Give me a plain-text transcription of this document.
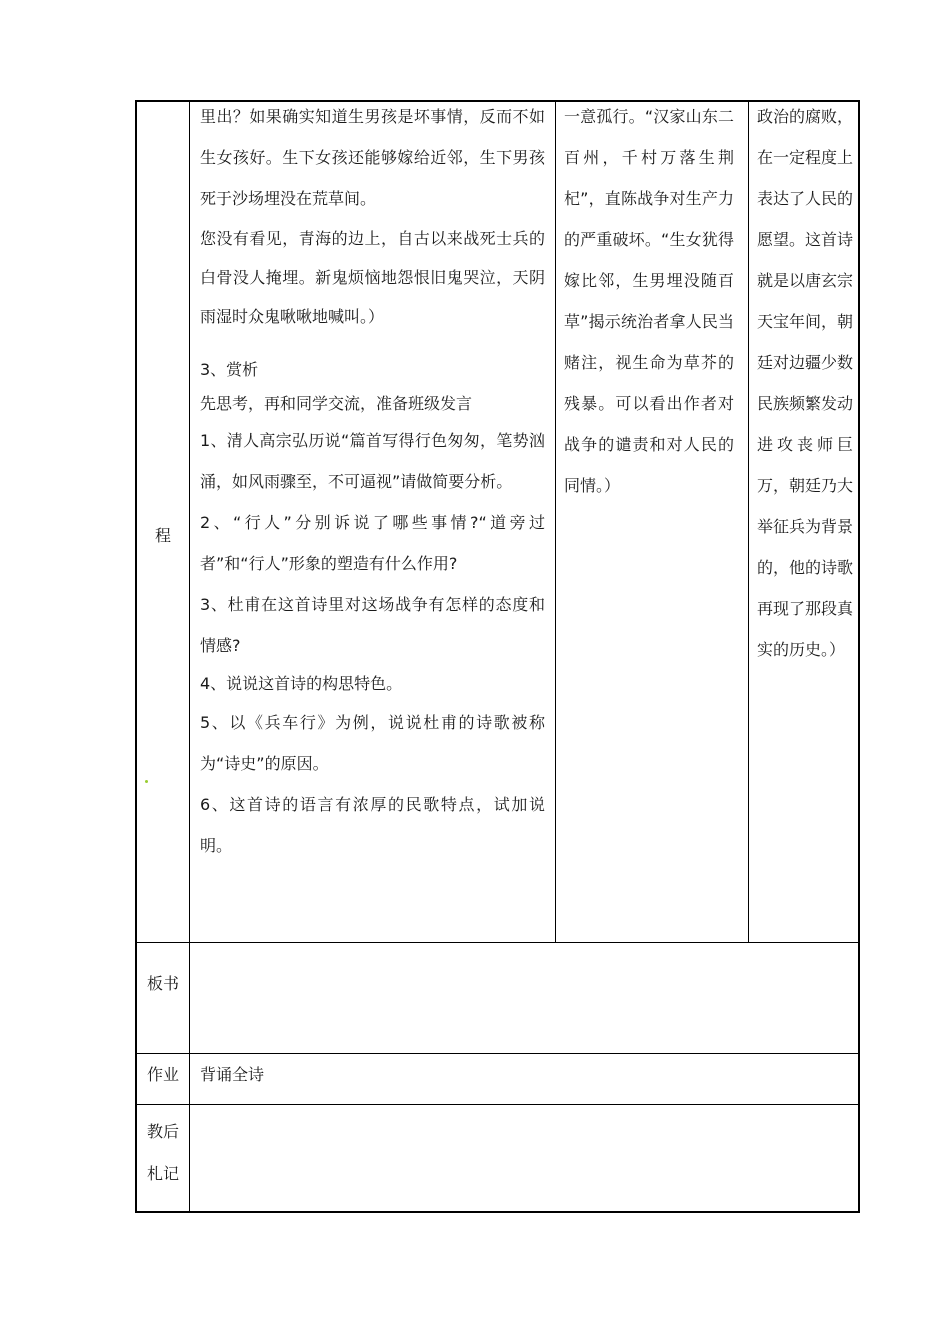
程
板书
作业
教后
札记
背诵全诗

里出？如果确实知道生男孩是坏事情，反而不如生女孩好。生下女孩还能够嫁给近邻，生下男孩死于沙场埋没在荒草间。

您没有看见，青海的边上，自古以来战死士兵的白骨没人掩埋。新鬼烦恼地怨恨旧鬼哭泣，天阴雨湿时众鬼啾啾地喊叫。）

3、赏析

先思考，再和同学交流，准备班级发言

1、清人高宗弘历说“篇首写得行色匆匆，笔势汹涌，如风雨骤至，不可逼视”请做简要分析。

2、“行人”分别诉说了哪些事情?“道旁过者”和“行人”形象的塑造有什么作用?

3、杜甫在这首诗里对这场战争有怎样的态度和情感?

4、说说这首诗的构思特色。

5、以《兵车行》为例，说说杜甫的诗歌被称为“诗史”的原因。

6、这首诗的语言有浓厚的民歌特点，试加说明。

一意孤行。“汉家山东二百州，千村万落生荆杞”，直陈战争对生产力的严重破坏。“生女犹得嫁比邻，生男埋没随百草”揭示统治者拿人民当赌注，视生命为草芥的残暴。可以看出作者对战争的谴责和对人民的同情。）

政治的腐败，在一定程度上表达了人民的愿望。这首诗就是以唐玄宗天宝年间，朝廷对边疆少数民族频繁发动进攻丧师巨万，朝廷乃大举征兵为背景的，他的诗歌再现了那段真实的历史。）
